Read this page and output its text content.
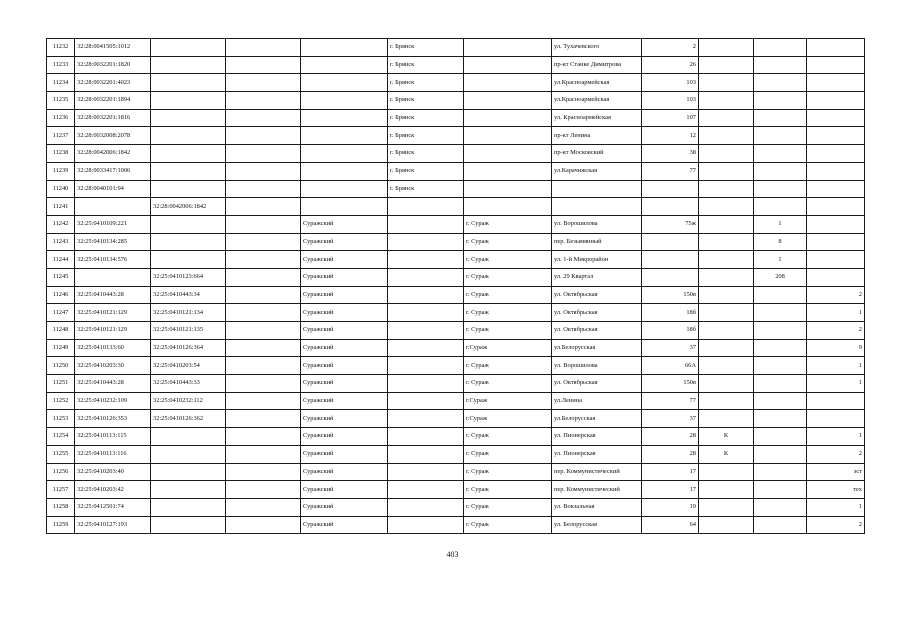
11232	32:28:0041505:1012				г. Брянск		ул. Тухачевского	2			
11233	32:28:0032201:1820				г. Брянск		пр-кт Станке Димитрова	26			
11234	32:28:0032201:4023				г. Брянск		ул.Красноармейская	103			
11235	32:28:0032201:1894				г. Брянск		ул.Красноармейская	103			
11236	32:28:0032201:1816				г. Брянск		ул. Красноармейская	107			
11237	32:28:0032008:2078				г. Брянск		пр-кт Ленина	12			
11238	32:28:0042006:1842				г. Брянск		пр-кт Московский	38			
11239	32:28:0033417:1006				г. Брянск		ул.Карачижская	77			
11240	32:28:0040101:94				г. Брянск						
11241		32:28:0042006:1842									
11242	32:25:0410109:221			Суражский		г. Сураж	ул. Ворошилова	75ж		1	
11243	32:25:0410134:285			Суражский		г. Сураж	пер. Безымянный			8	
11244	32:25:0410134:576			Суражский		г. Сураж	ул. 1-й Микрорайон			1	
11245		32:25:0410123:664		Суражский		г. Сураж	ул. 29 Квартал			208	
11246	32:25:0410443:28	32:25:0410443:34		Суражский		г. Сураж	ул. Октябрьская	150в			2
11247	32:25:0410121:129	32:25:0410121:134		Суражский		г. Сураж	ул. Октябрьская	18б			1
11248	32:25:0410121:129	32:25:0410121:135		Суражский		г. Сураж	ул. Октябрьская	18б			2
11249	32:25:0410133:60	32:25:0410126:364		Суражский		г.Сураж	ул.Белорусская	37			9
11250	32:25:0410203:30	32:25:0410203:54		Суражский		г. Сураж	ул. Ворошилова	66А			1
11251	32:25:0410443:28	32:25:0410443:33		Суражский		г. Сураж	ул. Октябрьская	150в			1
11252	32:25:0410232:109	32:25:0410232:112		Суражский		г.Сураж	ул.Ленина	77			
11253	32:25:0410126:353	32:25:0410126:362		Суражский		г.Сураж	ул.Белорусская	37			
11254	32:25:0410113:115			Суражский		г. Сураж	ул. Пионерская	28	К		1
11255	32:25:0410113:116			Суражский		г. Сураж	ул. Пионерская	28	К		2
11256	32:25:0410203:40			Суражский		г. Сураж	пер. Коммунистический	17			эст
11257	32:25:0410203:42			Суражский		г. Сураж	пер. Коммунистический	17			тех
11258	32:25:0412501:74			Суражский		г. Сураж	ул. Вокзальная	19			1
11259	32:25:0410127:193			Суражский		г. Сураж	ул. Белорусская	64			2
403
